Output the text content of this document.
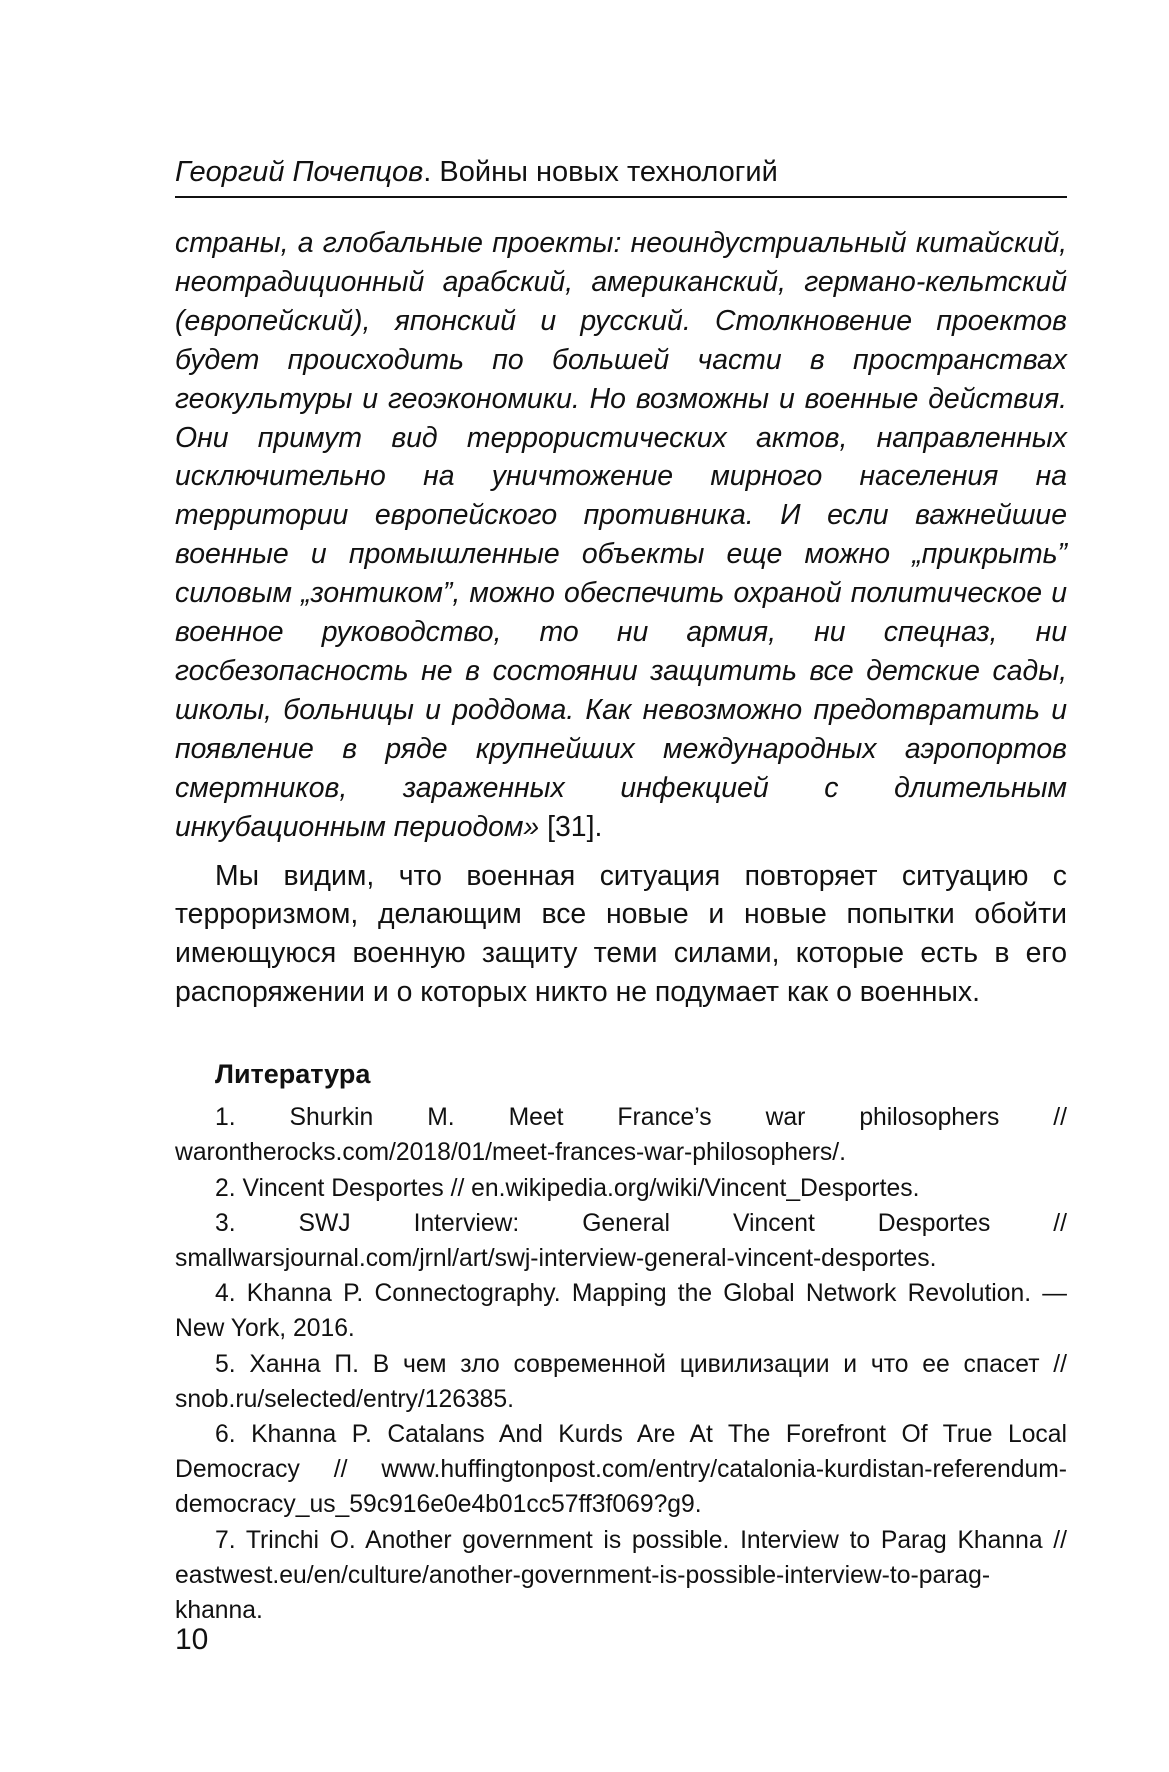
Георгий Почепцов. Войны новых технологий

страны, а глобальные проекты: неоиндустриальный китайский, неотрадиционный арабский, американский, германо-кельтский (европейский), японский и русский. Столкновение проектов будет происходить по большей части в пространствах геокультуры и геоэкономики. Но возможны и военные действия. Они примут вид террористических актов, направленных исключительно на уничтожение мирного населения на территории европейского противника. И если важнейшие военные и промышленные объекты еще можно „прикрыть” силовым „зонтиком”, можно обеспечить охраной политическое и военное руководство, то ни армия, ни спецназ, ни госбезопасность не в состоянии защитить все детские сады, школы, больницы и роддома. Как невозможно предотвратить и появление в ряде крупнейших международных аэропортов смертников, зараженных инфекцией с длительным инкубационным периодом» [31].

Мы видим, что военная ситуация повторяет ситуацию с терроризмом, делающим все новые и новые попытки обойти имеющуюся военную защиту теми силами, которые есть в его распоряжении и о которых никто не подумает как о военных.

Литература

1. Shurkin M. Meet France’s war philosophers // warontherocks.com/2018/01/meet-frances-war-philosophers/.

2. Vincent Desportes // en.wikipedia.org/wiki/Vincent_Desportes.

3. SWJ Interview: General Vincent Desportes // smallwarsjournal.com/jrnl/art/swj-interview-general-vincent-desportes.

4. Khanna P. Connectography. Mapping the Global Network Revolution. — New York, 2016.

5. Ханна П. В чем зло современной цивилизации и что ее спасет // snob.ru/selected/entry/126385.

6. Khanna P. Catalans And Kurds Are At The Forefront Of True Local Democracy // www.huffingtonpost.com/entry/catalonia-kurdistan-referendum-democracy_us_59c916e0e4b01cc57ff3f069?g9.

7. Trinchi O. Another government is possible. Interview to Parag Khanna // eastwest.eu/en/culture/another-government-is-possible-interview-to-parag-khanna.

10
